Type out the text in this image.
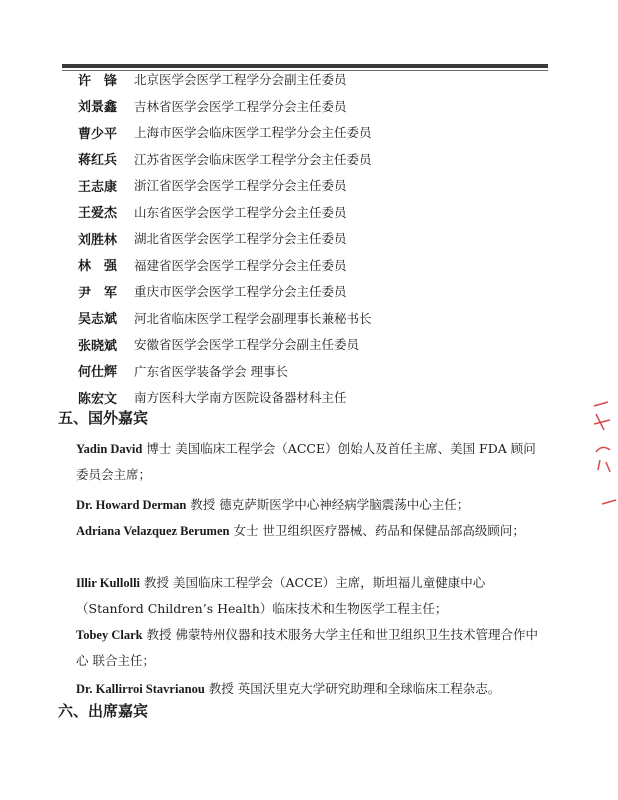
许　锋	北京医学会医学工程学分会副主任委员
刘景鑫	吉林省医学会医学工程学分会主任委员
曹少平	上海市医学会临床医学工程学分会主任委员
蒋红兵	江苏省医学会临床医学工程学分会主任委员
王志康	浙江省医学会医学工程学分会主任委员
王爱杰	山东省医学会医学工程学分会主任委员
刘胜林	湖北省医学会医学工程学分会主任委员
林　强	福建省医学会医学工程学分会主任委员
尹　军	重庆市医学会医学工程学分会主任委员
吴志斌	河北省临床医学工程学会副理事长兼秘书长
张晓斌	安徽省医学会医学工程学分会副主任委员
何仕辉	广东省医学装备学会 理事长
陈宏文	南方医科大学南方医院设备器材科主任
五、国外嘉宾
Yadin David 博士 美国临床工程学会（ACCE）创始人及首任主席、美国 FDA 顾问委员会主席；
Dr. Howard Derman 教授 德克萨斯医学中心神经病学脑震荡中心主任；
Adriana Velazquez Berumen 女士 世卫组织医疗器械、药品和保健品部高级顾问；
Illir Kullolli 教授 美国临床工程学会（ACCE）主席，斯坦福儿童健康中心（Stanford Children’s Health）临床技术和生物医学工程主任；
Tobey Clark 教授 佛蒙特州仪器和技术服务大学主任和世卫组织卫生技术管理合作中心 联合主任；
Dr. Kallirroi Stavrianou 教授 英国沃里克大学研究助理和全球临床工程杂志。
六、出席嘉宾
